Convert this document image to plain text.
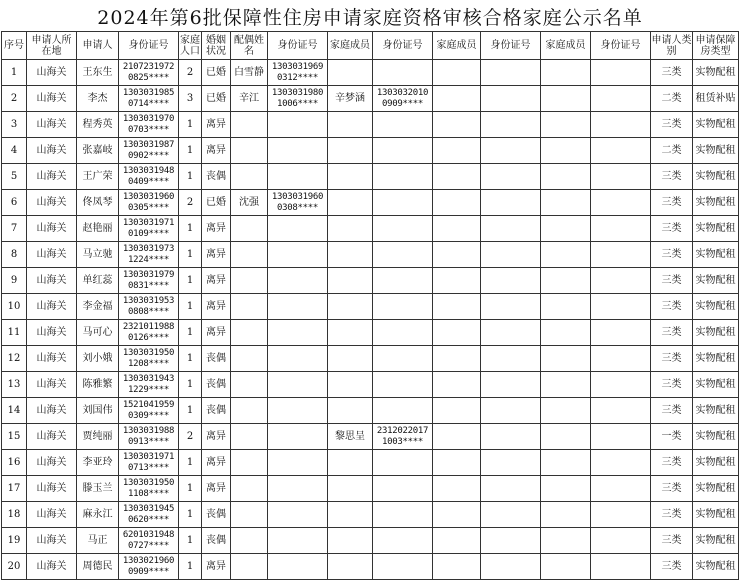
2024年第6批保障性住房申请家庭资格审核合格家庭公示名单
序号	申请人所在地	申请人	身份证号	家庭人口	婚姻状况	配偶姓名	身份证号	家庭成员	身份证号	家庭成员	身份证号	家庭成员	身份证号	申请人类别	申请保障房类型
1	山海关	王东生	2107231972
0825****	2	已婚	白雪静	1303031969
0312****							三类	实物配租
2	山海关	李杰	1303031985
0714****	3	已婚	辛江	1303031980
1006****	辛梦涵	1303032010
0909****					二类	租赁补贴
3	山海关	程秀英	1303031970
0703****	1	离异									三类	实物配租
4	山海关	张嘉岐	1303031987
0902****	1	离异									二类	实物配租
5	山海关	王广荣	1303031948
0409****	1	丧偶									三类	实物配租
6	山海关	佟凤琴	1303031960
0305****	2	已婚	沈强	1303031960
0308****							三类	实物配租
7	山海关	赵艳丽	1303031971
0109****	1	离异									三类	实物配租
8	山海关	马立驰	1303031973
1224****	1	离异									三类	实物配租
9	山海关	单红蕊	1303031979
0831****	1	离异									三类	实物配租
10	山海关	李金福	1303031953
0808****	1	离异									三类	实物配租
11	山海关	马可心	2321011988
0126****	1	离异									三类	实物配租
12	山海关	刘小娥	1303031950
1208****	1	丧偶									三类	实物配租
13	山海关	陈雅繁	1303031943
1229****	1	丧偶									三类	实物配租
14	山海关	刘国伟	1521041959
0309****	1	丧偶									三类	实物配租
15	山海关	贾纯丽	1303031988
0913****	2	离异			黎思呈	2312022017
1003****					一类	实物配租
16	山海关	李亚玲	1303031971
0713****	1	离异									三类	实物配租
17	山海关	滕玉兰	1303031950
1108****	1	离异									三类	实物配租
18	山海关	麻永江	1303031945
0620****	1	丧偶									三类	实物配租
19	山海关	马正	6201031948
0727****	1	丧偶									三类	实物配租
20	山海关	周德民	1303021960
0909****	1	离异									三类	实物配租
